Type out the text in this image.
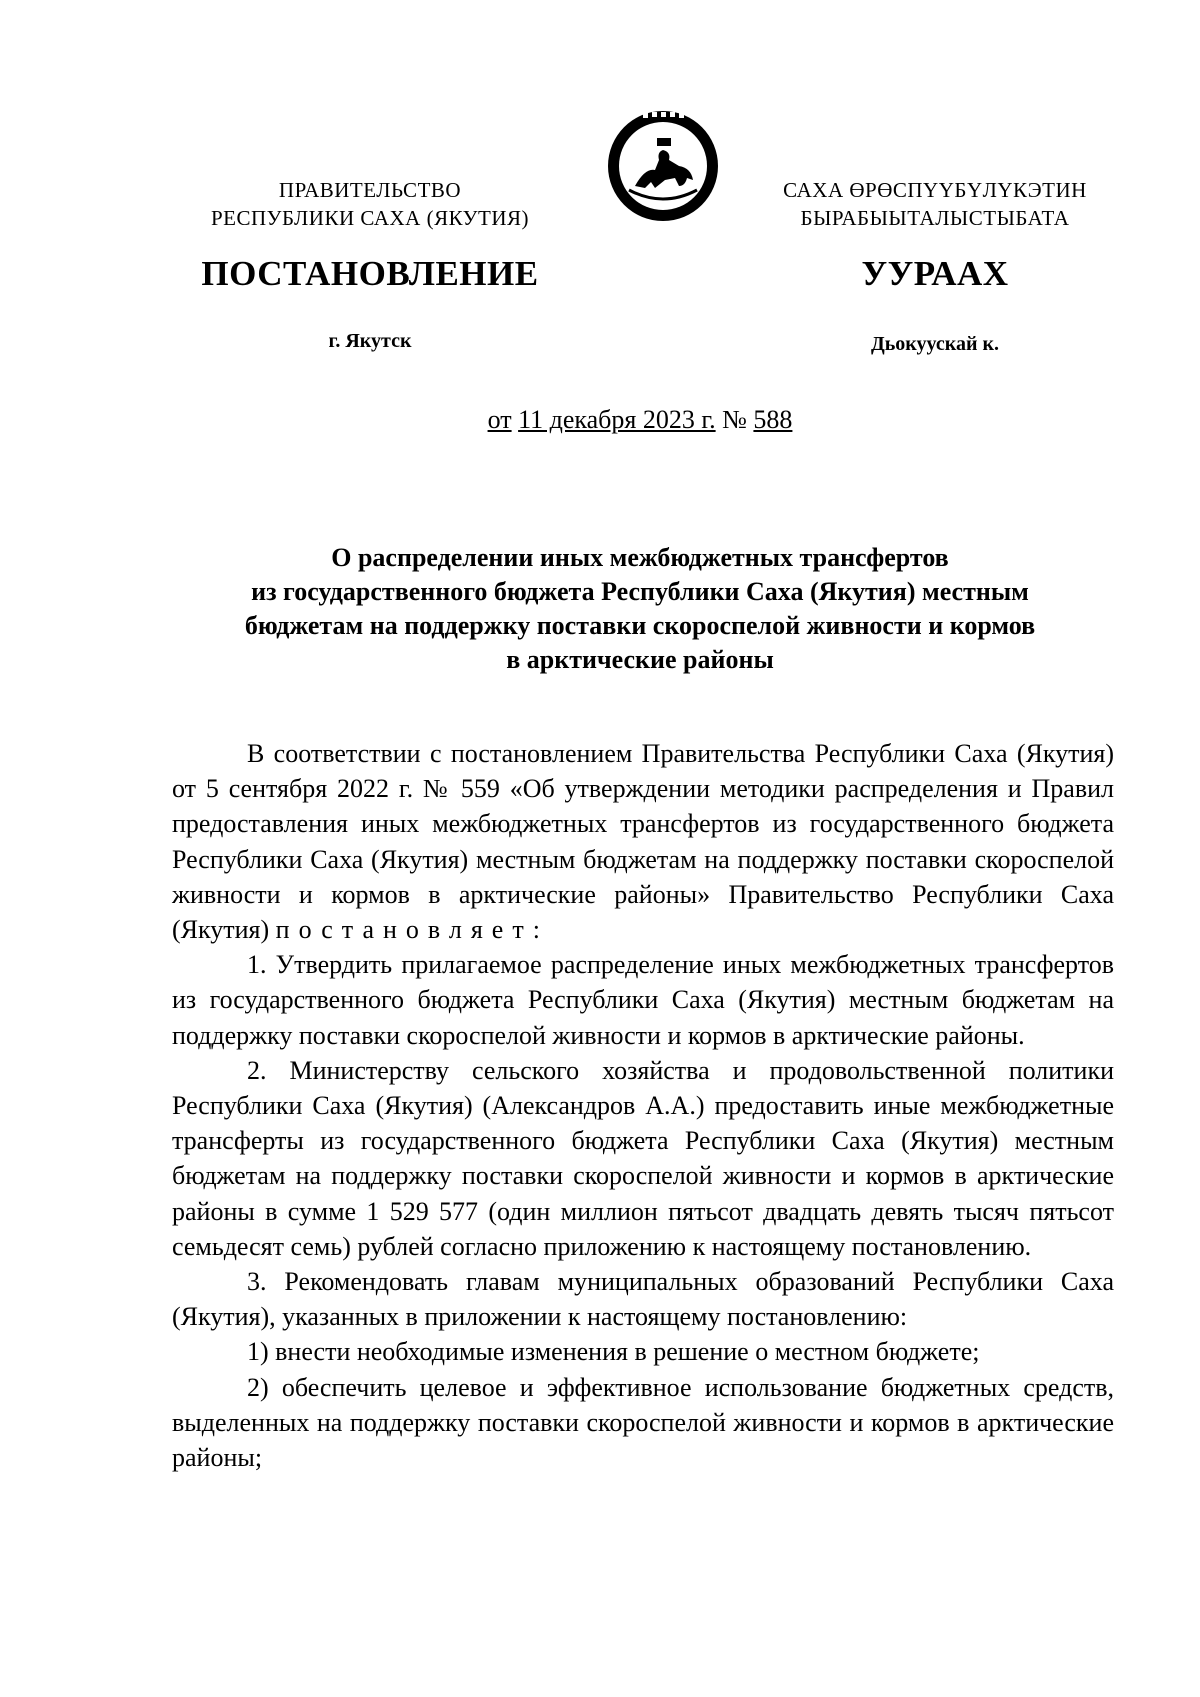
ПРАВИТЕЛЬСТВО
РЕСПУБЛИКИ САХА (ЯКУТИЯ)
САХА ӨРӨСПҮҮБҮЛҮКЭТИН
БЫРАБЫЫТАЛЫСТЫБАТА
ПОСТАНОВЛЕНИЕ	УУРААХ
г. Якутск	Дьокуускай к.
от 11 декабря 2023 г. № 588
О распределении иных межбюджетных трансфертов
из государственного бюджета Республики Саха (Якутия) местным
бюджетам на поддержку поставки скороспелой живности и кормов
в арктические районы

В соответствии с постановлением Правительства Республики Саха (Якутия) от 5 сентября 2022 г. № 559 «Об утверждении методики распределения и Правил предоставления иных межбюджетных трансфертов из государственного бюджета Республики Саха (Якутия) местным бюджетам на поддержку поставки скороспелой живности и кормов в арктические районы» Правительство Республики Саха (Якутия) постановляет:

1. Утвердить прилагаемое распределение иных межбюджетных трансфертов из государственного бюджета Республики Саха (Якутия) местным бюджетам на поддержку поставки скороспелой живности и кормов в арктические районы.

2. Министерству сельского хозяйства и продовольственной политики Республики Саха (Якутия) (Александров А.А.) предоставить иные межбюджетные трансферты из государственного бюджета Республики Саха (Якутия) местным бюджетам на поддержку поставки скороспелой живности и кормов в арктические районы в сумме 1 529 577 (один миллион пятьсот двадцать девять тысяч пятьсот семьдесят семь) рублей согласно приложению к настоящему постановлению.

3. Рекомендовать главам муниципальных образований Республики Саха (Якутия), указанных в приложении к настоящему постановлению:

1) внести необходимые изменения в решение о местном бюджете;

2) обеспечить целевое и эффективное использование бюджетных средств, выделенных на поддержку поставки скороспелой живности и кормов в арктические районы;
